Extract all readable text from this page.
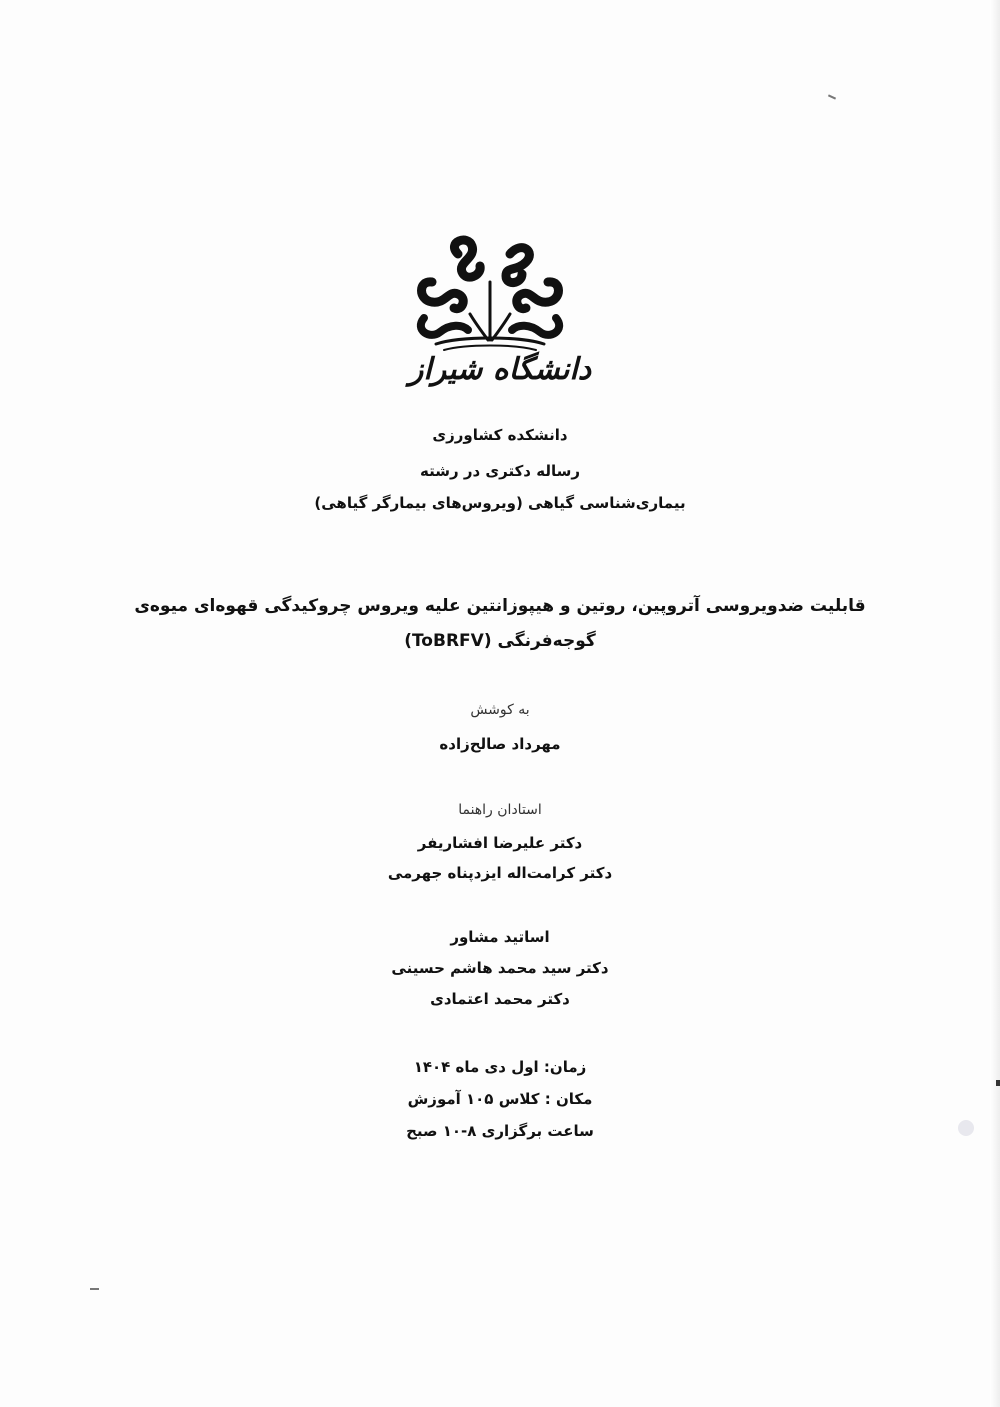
دانشگاه شیراز
دانشکده کشاورزی
رساله دکتری در رشته
بیماری‌شناسی گیاهی (ویروس‌های بیمارگر گیاهی)
قابلیت ضدویروسی آتروپین، روتین و هیپوزانتین علیه ویروس چروکیدگی قهوه‌ای میوه‌ی
گوجه‌فرنگی (ToBRFV)
به کوشش
مهرداد صالح‌زاده
استادان راهنما
دکتر علیرضا افشاریفر
دکتر کرامت‌اله ایزدپناه جهرمی
اساتید مشاور
دکتر سید محمد هاشم حسینی
دکتر محمد اعتمادی
زمان: اول دی ماه ۱۴۰۴
مکان : کلاس ۱۰۵ آموزش
ساعت برگزاری ۸-۱۰ صبح
